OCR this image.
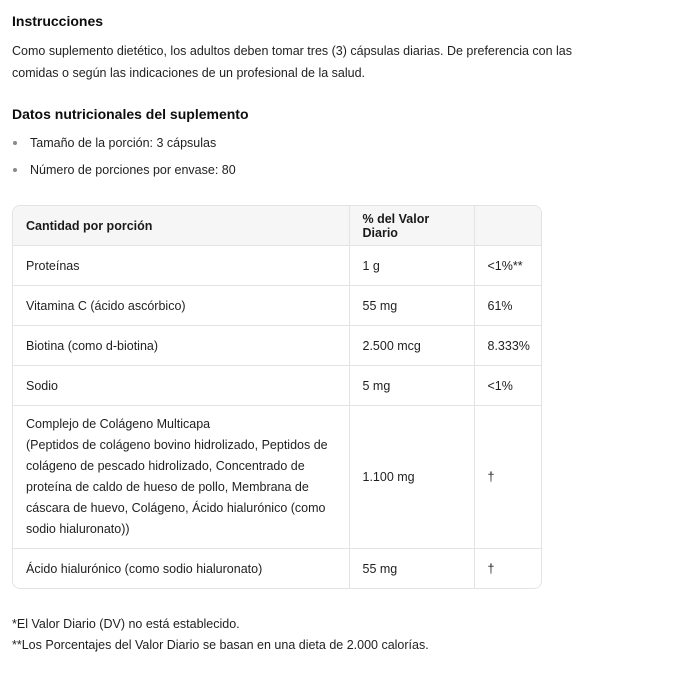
Instrucciones

Como suplemento dietético, los adultos deben tomar tres (3) cápsulas diarias. De preferencia con las comidas o según las indicaciones de un profesional de la salud.

Datos nutricionales del suplemento
Tamaño de la porción: 3 cápsulas
Número de porciones por envase: 80
Cantidad por porción	% del Valor Diario	
Proteínas	1 g	<1%**
Vitamina C (ácido ascórbico)	55 mg	61%
Biotina (como d-biotina)	2.500 mcg	8.333%
Sodio	5 mg	<1%
Complejo de Colágeno Multicapa
(Peptidos de colágeno bovino hidrolizado, Peptidos de colágeno de pescado hidrolizado, Concentrado de proteína de caldo de hueso de pollo, Membrana de cáscara de huevo, Colágeno, Ácido hialurónico (como sodio hialuronato))	1.100 mg	†
Ácido hialurónico (como sodio hialuronato)	55 mg	†

*El Valor Diario (DV) no está establecido.

**Los Porcentajes del Valor Diario se basan en una dieta de 2.000 calorías.
